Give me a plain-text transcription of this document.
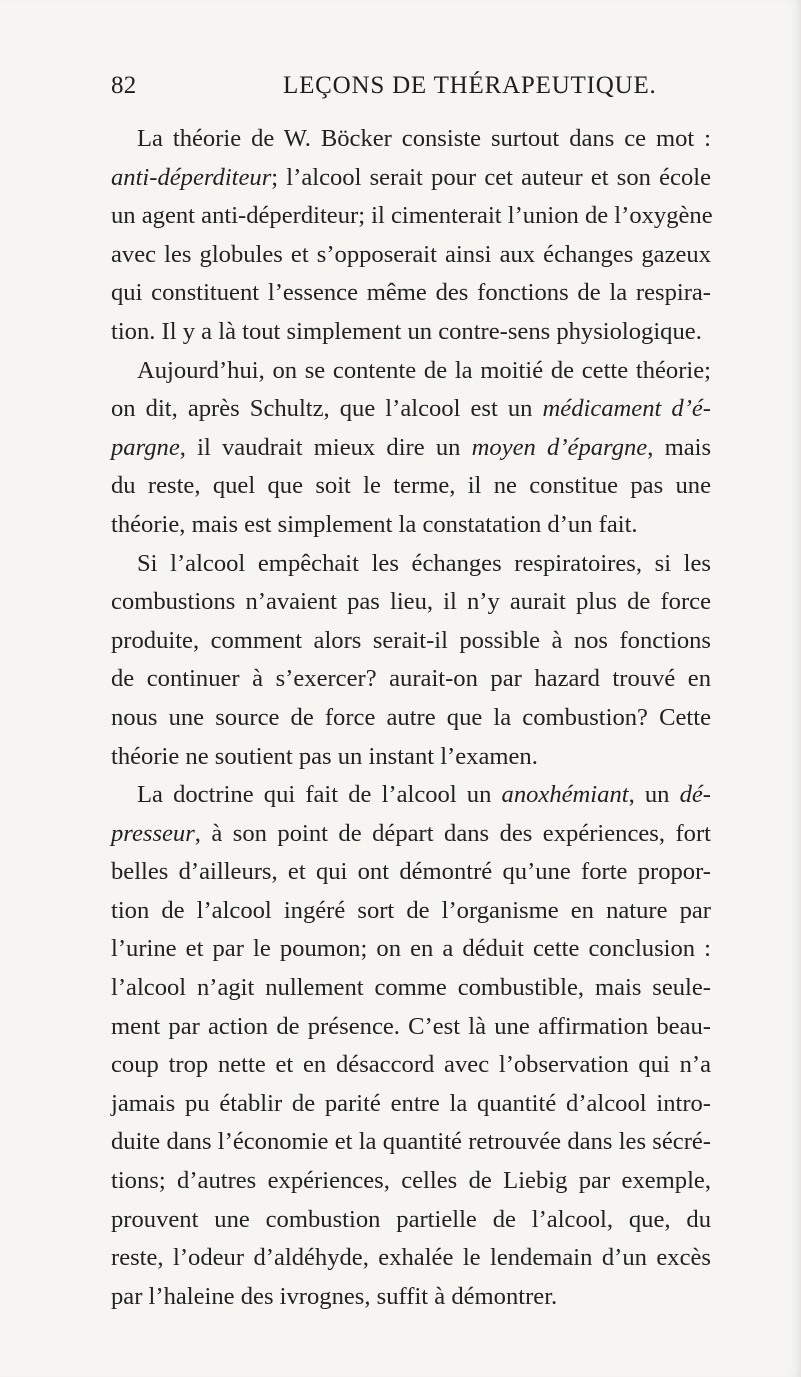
82	LEÇONS DE THÉRAPEUTIQUE.
La théorie de W. Böcker consiste surtout dans ce mot :
anti-déperditeur; l’alcool serait pour cet auteur et son école
un agent anti-déperditeur; il cimenterait l’union de l’oxygène
avec les globules et s’opposerait ainsi aux échanges gazeux
qui constituent l’essence même des fonctions de la respira-
tion. Il y a là tout simplement un contre-sens physiologique.
Aujourd’hui, on se contente de la moitié de cette théorie;
on dit, après Schultz, que l’alcool est un médicament d’é-
pargne, il vaudrait mieux dire un moyen d’épargne, mais
du reste, quel que soit le terme, il ne constitue pas une
théorie, mais est simplement la constatation d’un fait.
Si l’alcool empêchait les échanges respiratoires, si les
combustions n’avaient pas lieu, il n’y aurait plus de force
produite, comment alors serait-il possible à nos fonctions
de continuer à s’exercer? aurait-on par hazard trouvé en
nous une source de force autre que la combustion? Cette
théorie ne soutient pas un instant l’examen.
La doctrine qui fait de l’alcool un anoxhémiant, un dé-
presseur, à son point de départ dans des expériences, fort
belles d’ailleurs, et qui ont démontré qu’une forte propor-
tion de l’alcool ingéré sort de l’organisme en nature par
l’urine et par le poumon; on en a déduit cette conclusion :
l’alcool n’agit nullement comme combustible, mais seule-
ment par action de présence. C’est là une affirmation beau-
coup trop nette et en désaccord avec l’observation qui n’a
jamais pu établir de parité entre la quantité d’alcool intro-
duite dans l’économie et la quantité retrouvée dans les sécré-
tions; d’autres expériences, celles de Liebig par exemple,
prouvent une combustion partielle de l’alcool, que, du
reste, l’odeur d’aldéhyde, exhalée le lendemain d’un excès
par l’haleine des ivrognes, suffit à démontrer.
